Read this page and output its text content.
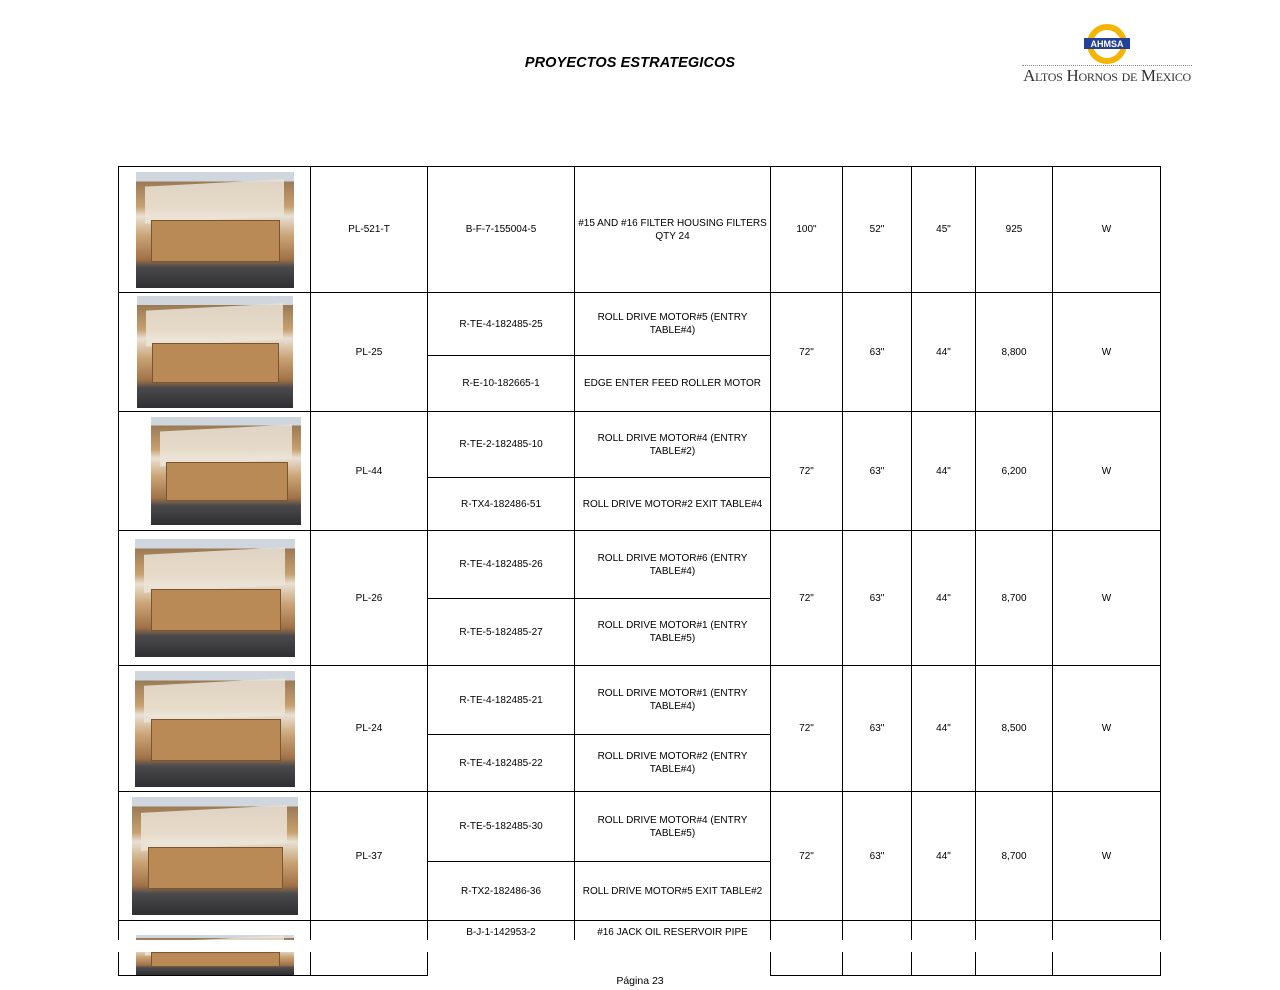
PROYECTOS ESTRATEGICOS
AHMSA
Altos Hornos de Mexico
	PL-521-T	B-F-7-155004-5	#15 AND #16 FILTER HOUSING FILTERS QTY 24	100"	52"	45"	925	W

	PL-25	R-TE-4-182485-25	ROLL DRIVE MOTOR#5 (ENTRY TABLE#4)	72"	63"	44"	8,800	W
		R-E-10-182665-1	EDGE ENTER FEED ROLLER MOTOR					

	PL-44	R-TE-2-182485-10	ROLL DRIVE MOTOR#4 (ENTRY TABLE#2)	72"	63"	44"	6,200	W
		R-TX4-182486-51	ROLL DRIVE MOTOR#2 EXIT TABLE#4					

	PL-26	R-TE-4-182485-26	ROLL DRIVE MOTOR#6 (ENTRY TABLE#4)	72"	63"	44"	8,700	W
		R-TE-5-182485-27	ROLL DRIVE MOTOR#1 (ENTRY TABLE#5)					

	PL-24	R-TE-4-182485-21	ROLL DRIVE MOTOR#1 (ENTRY TABLE#4)	72"	63"	44"	8,500	W
		R-TE-4-182485-22	ROLL DRIVE MOTOR#2 (ENTRY TABLE#4)					

	PL-37	R-TE-5-182485-30	ROLL DRIVE MOTOR#4 (ENTRY TABLE#5)	72"	63"	44"	8,700	W
		R-TX2-182486-36	ROLL DRIVE MOTOR#5 EXIT TABLE#2					

		B-J-1-142953-2	#16 JACK OIL RESERVOIR PIPE					

Página 23
